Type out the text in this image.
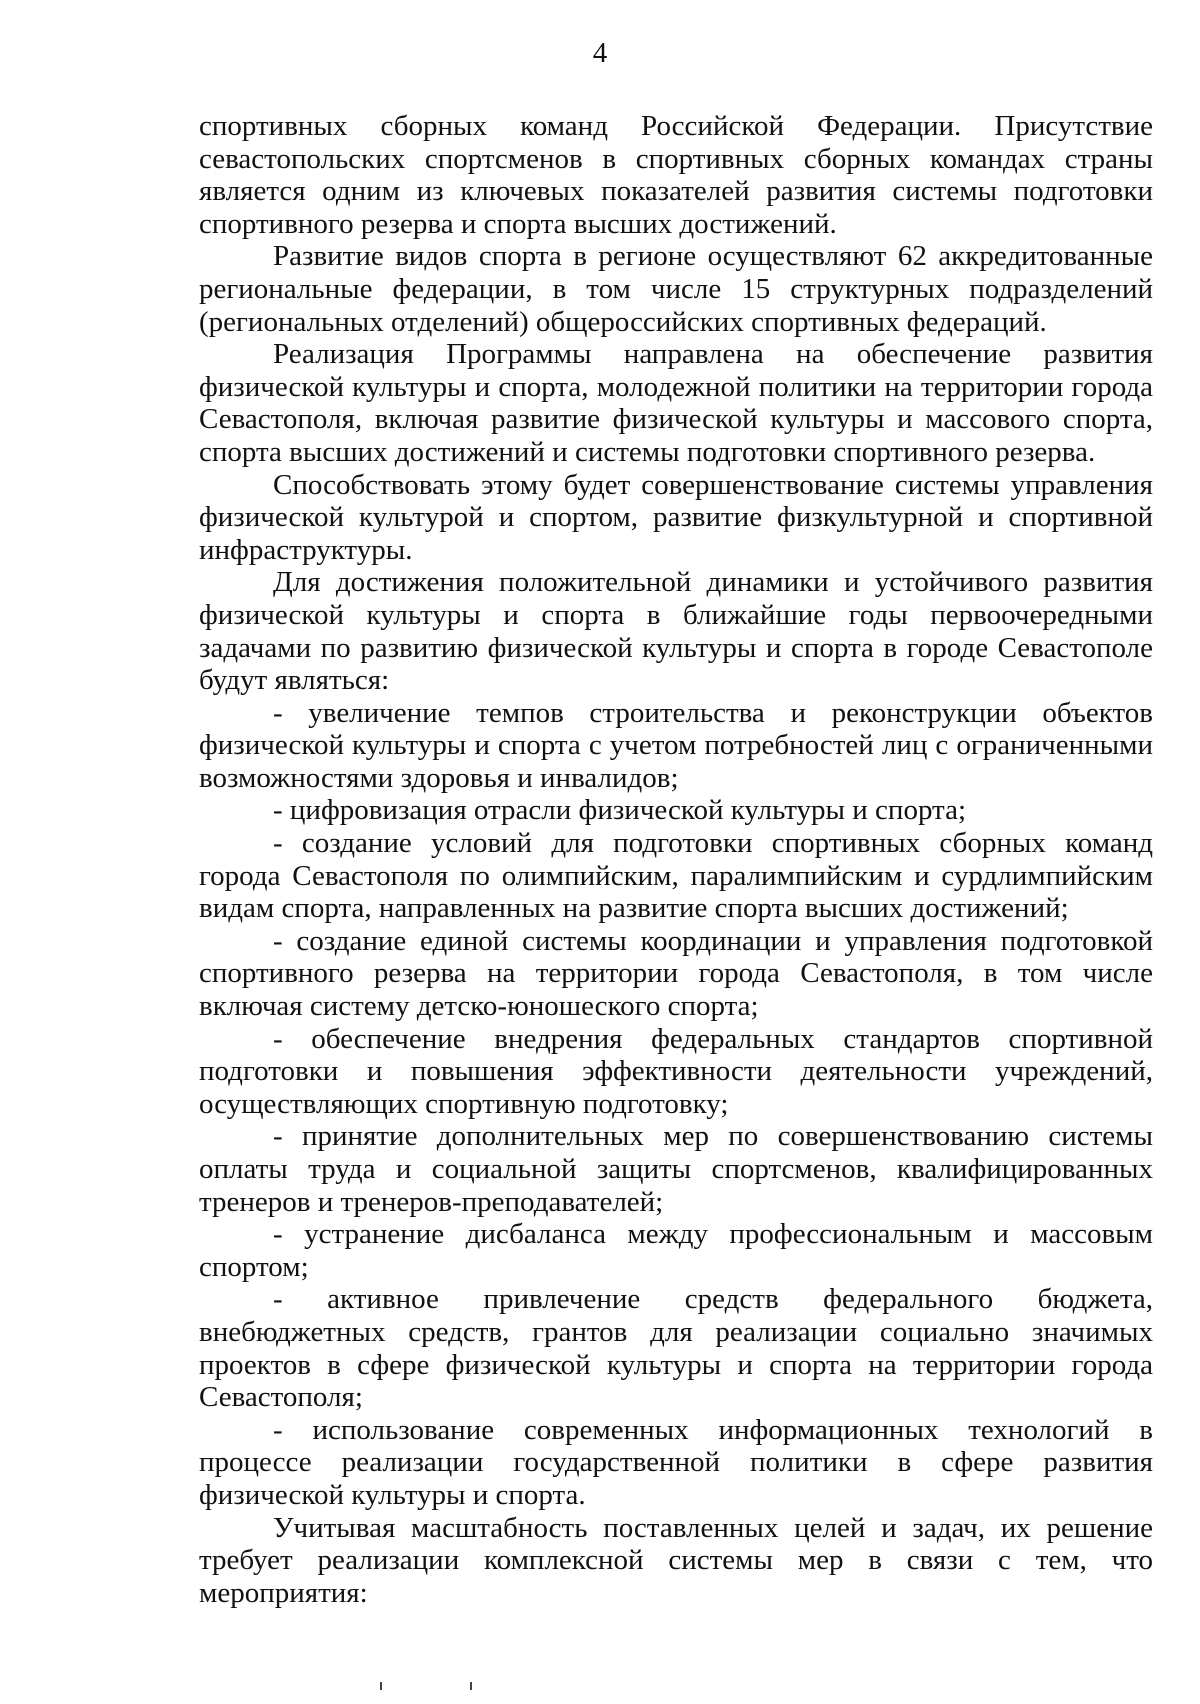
4

спортивных сборных команд Российской Федерации. Присутствие севастопольских спортсменов в спортивных сборных командах страны является одним из ключевых показателей развития системы подготовки спортивного резерва и спорта высших достижений.

Развитие видов спорта в регионе осуществляют 62 аккредитованные региональные федерации, в том числе 15 структурных подразделений (региональных отделений) общероссийских спортивных федераций.

Реализация Программы направлена на обеспечение развития физической культуры и спорта, молодежной политики на территории города Севастополя, включая развитие физической культуры и массового спорта, спорта высших достижений и системы подготовки спортивного резерва.

Способствовать этому будет совершенствование системы управления физической культурой и спортом, развитие физкультурной и спортивной инфраструктуры.

Для достижения положительной динамики и устойчивого развития физической культуры и спорта в ближайшие годы первоочередными задачами по развитию физической культуры и спорта в городе Севастополе будут являться:

- увеличение темпов строительства и реконструкции объектов физической культуры и спорта с учетом потребностей лиц с ограниченными возможностями здоровья и инвалидов;

- цифровизация отрасли физической культуры и спорта;

- создание условий для подготовки спортивных сборных команд города Севастополя по олимпийским, паралимпийским и сурдлимпийским видам спорта, направленных на развитие спорта высших достижений;

- создание единой системы координации и управления подготовкой спортивного резерва на территории города Севастополя, в том числе включая систему детско-юношеского спорта;

- обеспечение внедрения федеральных стандартов спортивной подготовки и повышения эффективности деятельности учреждений, осуществляющих спортивную подготовку;

- принятие дополнительных мер по совершенствованию системы оплаты труда и социальной защиты спортсменов, квалифицированных тренеров и тренеров-преподавателей;

- устранение дисбаланса между профессиональным и массовым спортом;

- активное привлечение средств федерального бюджета, внебюджетных средств, грантов для реализации социально значимых проектов в сфере физической культуры и спорта на территории города Севастополя;

- использование современных информационных технологий в процессе реализации государственной политики в сфере развития физической культуры и спорта.

Учитывая масштабность поставленных целей и задач, их решение требует реализации комплексной системы мер в связи с тем, что мероприятия:
